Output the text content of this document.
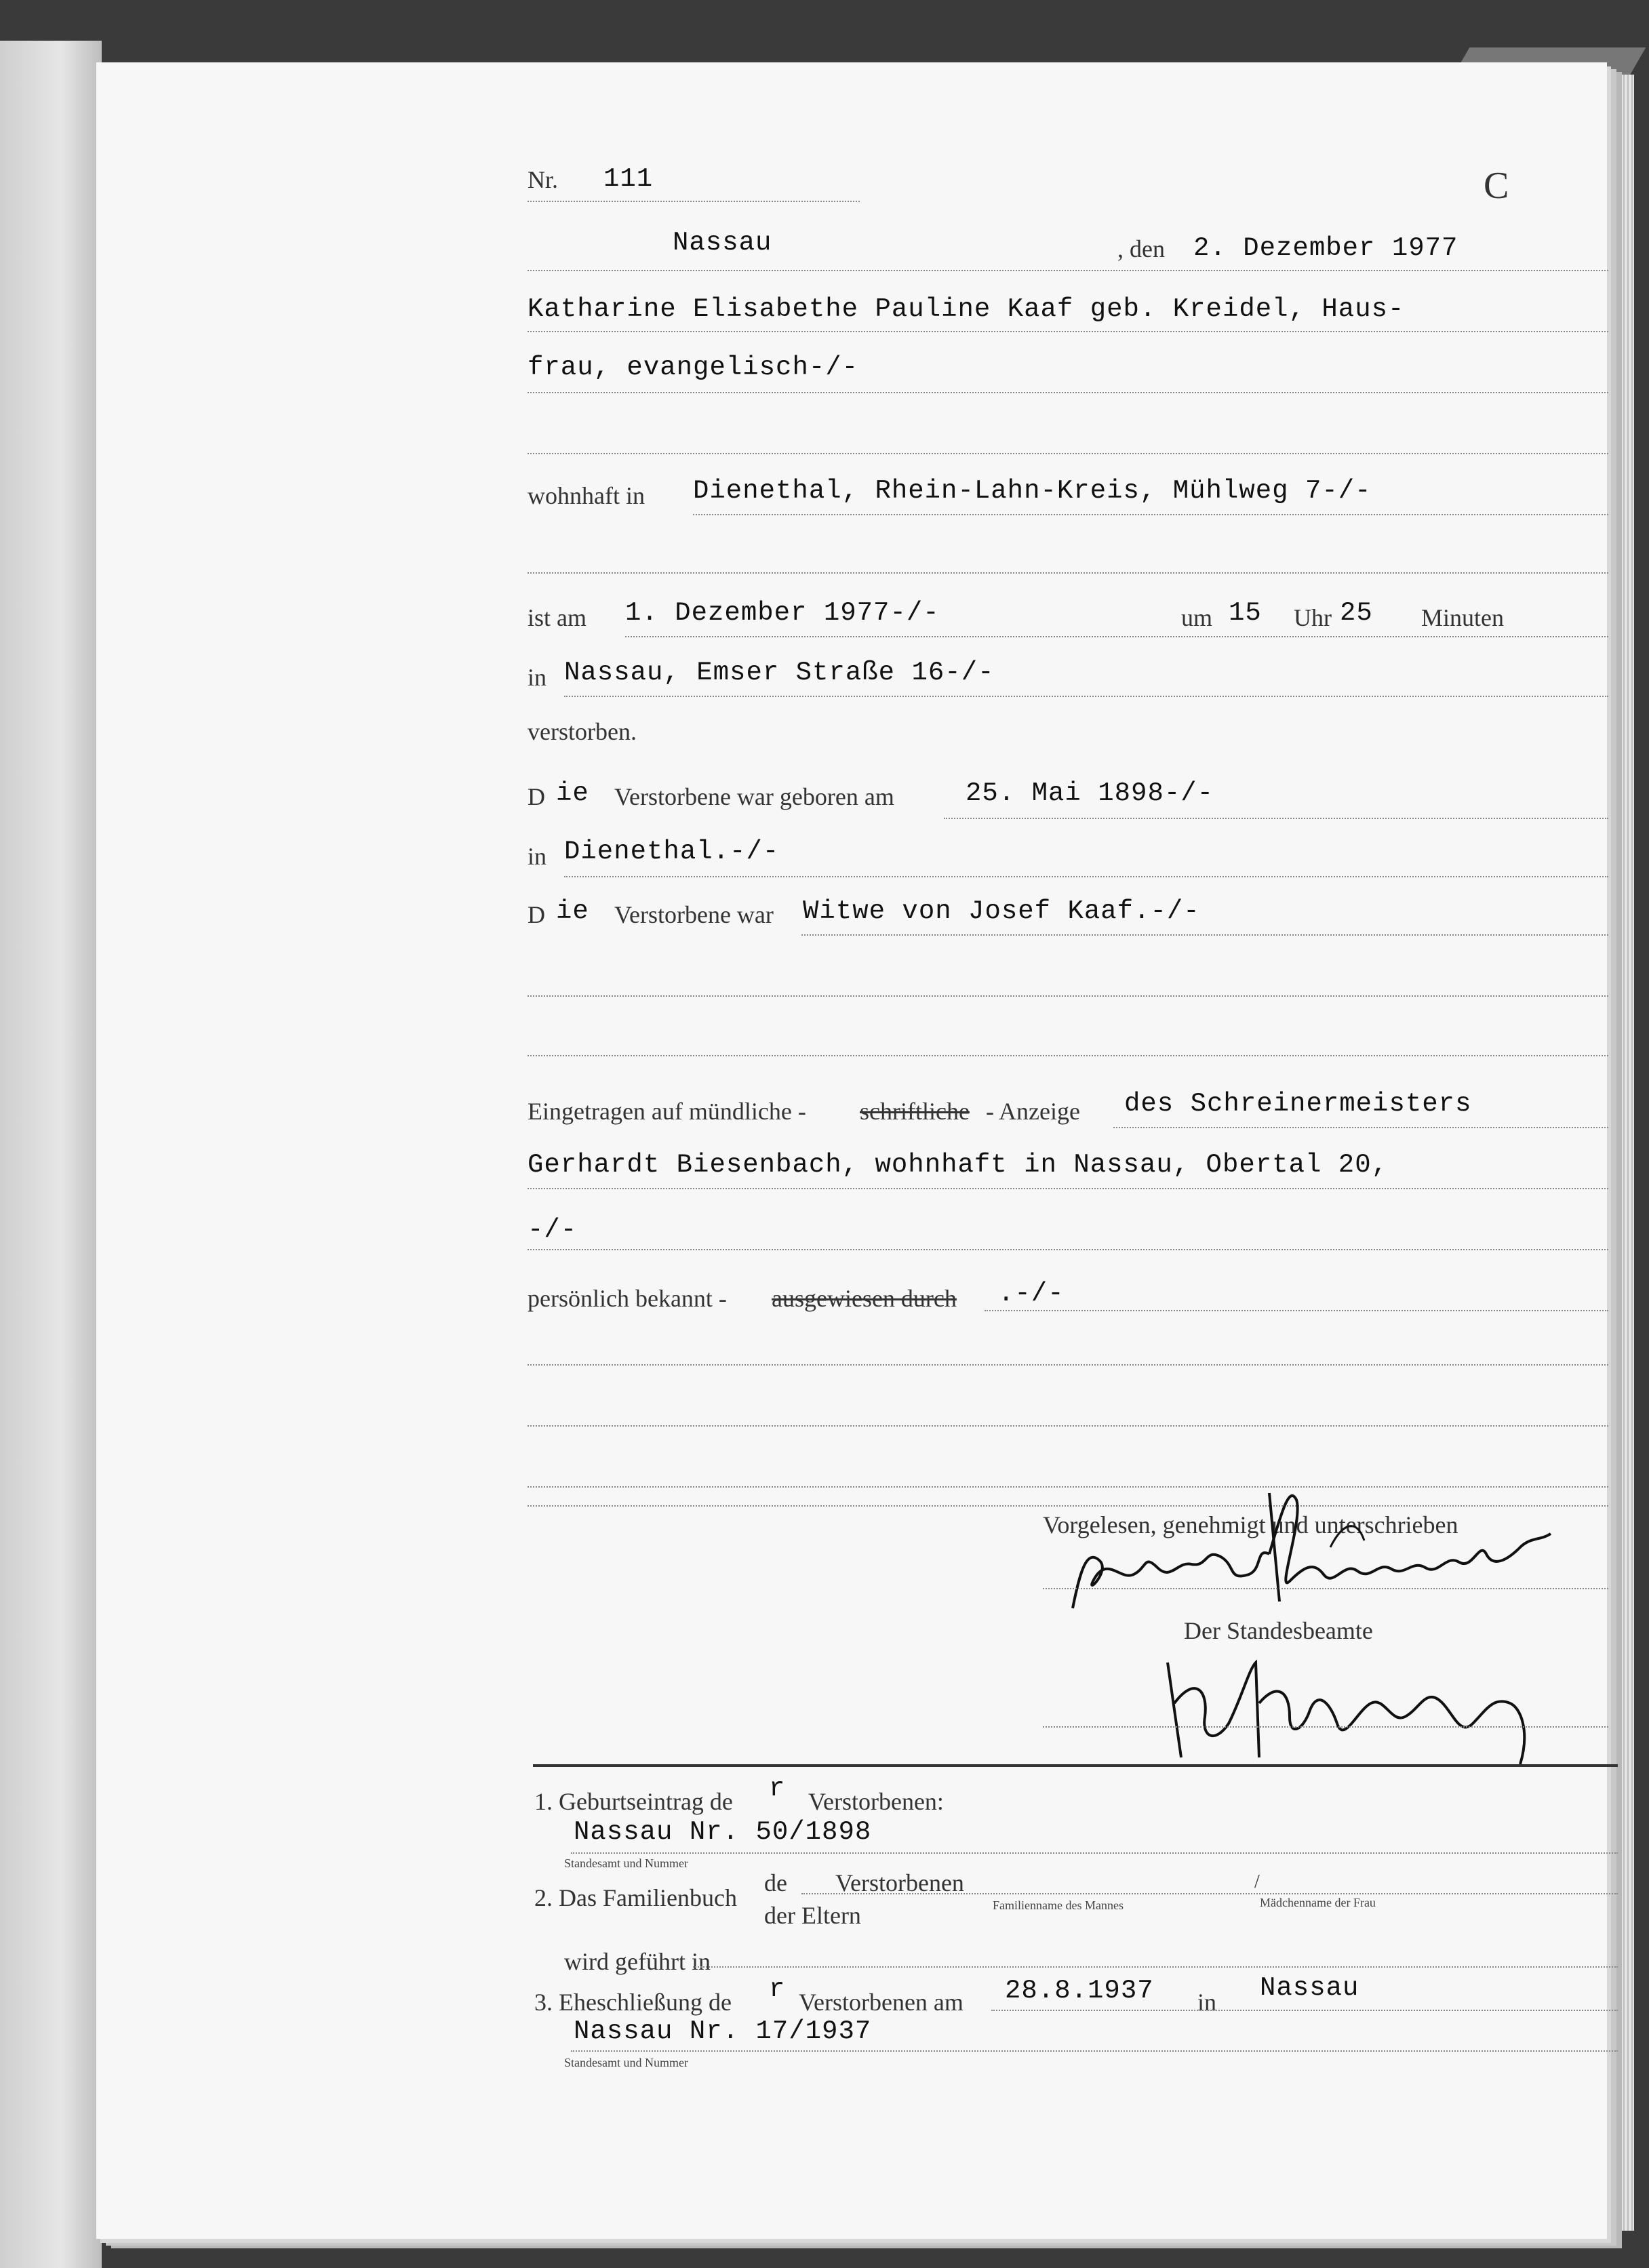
Nr. 111	C
Nassau	, den 2. Dezember 1977
Katharine Elisabethe Pauline Kaaf geb. Kreidel, Haus-
frau, evangelisch-/-
wohnhaft in Dienethal, Rhein-Lahn-Kreis, Mühlweg 7-/-
ist am 1. Dezember 1977-/-	um 15 Uhr 25 Minuten
in Nassau, Emser Straße 16-/-
verstorben.
D ie Verstorbene war geboren am	25. Mai 1898-/-
in Dienethal.-/-
D ie Verstorbene war Witwe von Josef Kaaf.-/-
Eingetragen auf mündliche - schriftliche - Anzeige des Schreinermeisters
Gerhardt Biesenbach, wohnhaft in Nassau, Obertal 20,
-/-
persönlich bekannt - ausgewiesen durch .-/-
Vorgelesen, genehmigt und unterschrieben
Der Standesbeamte
1. Geburtseintrag de r Verstorbenen:
Nassau Nr. 50/1898
Standesamt und Nummer
2. Das Familienbuch
de Verstorbenen
der Eltern	Familienname des Mannes
/
Mädchenname der Frau
wird geführt in
3. Eheschließung de r Verstorbenen am 28.8.1937 in Nassau
Nassau Nr. 17/1937
Standesamt und Nummer
